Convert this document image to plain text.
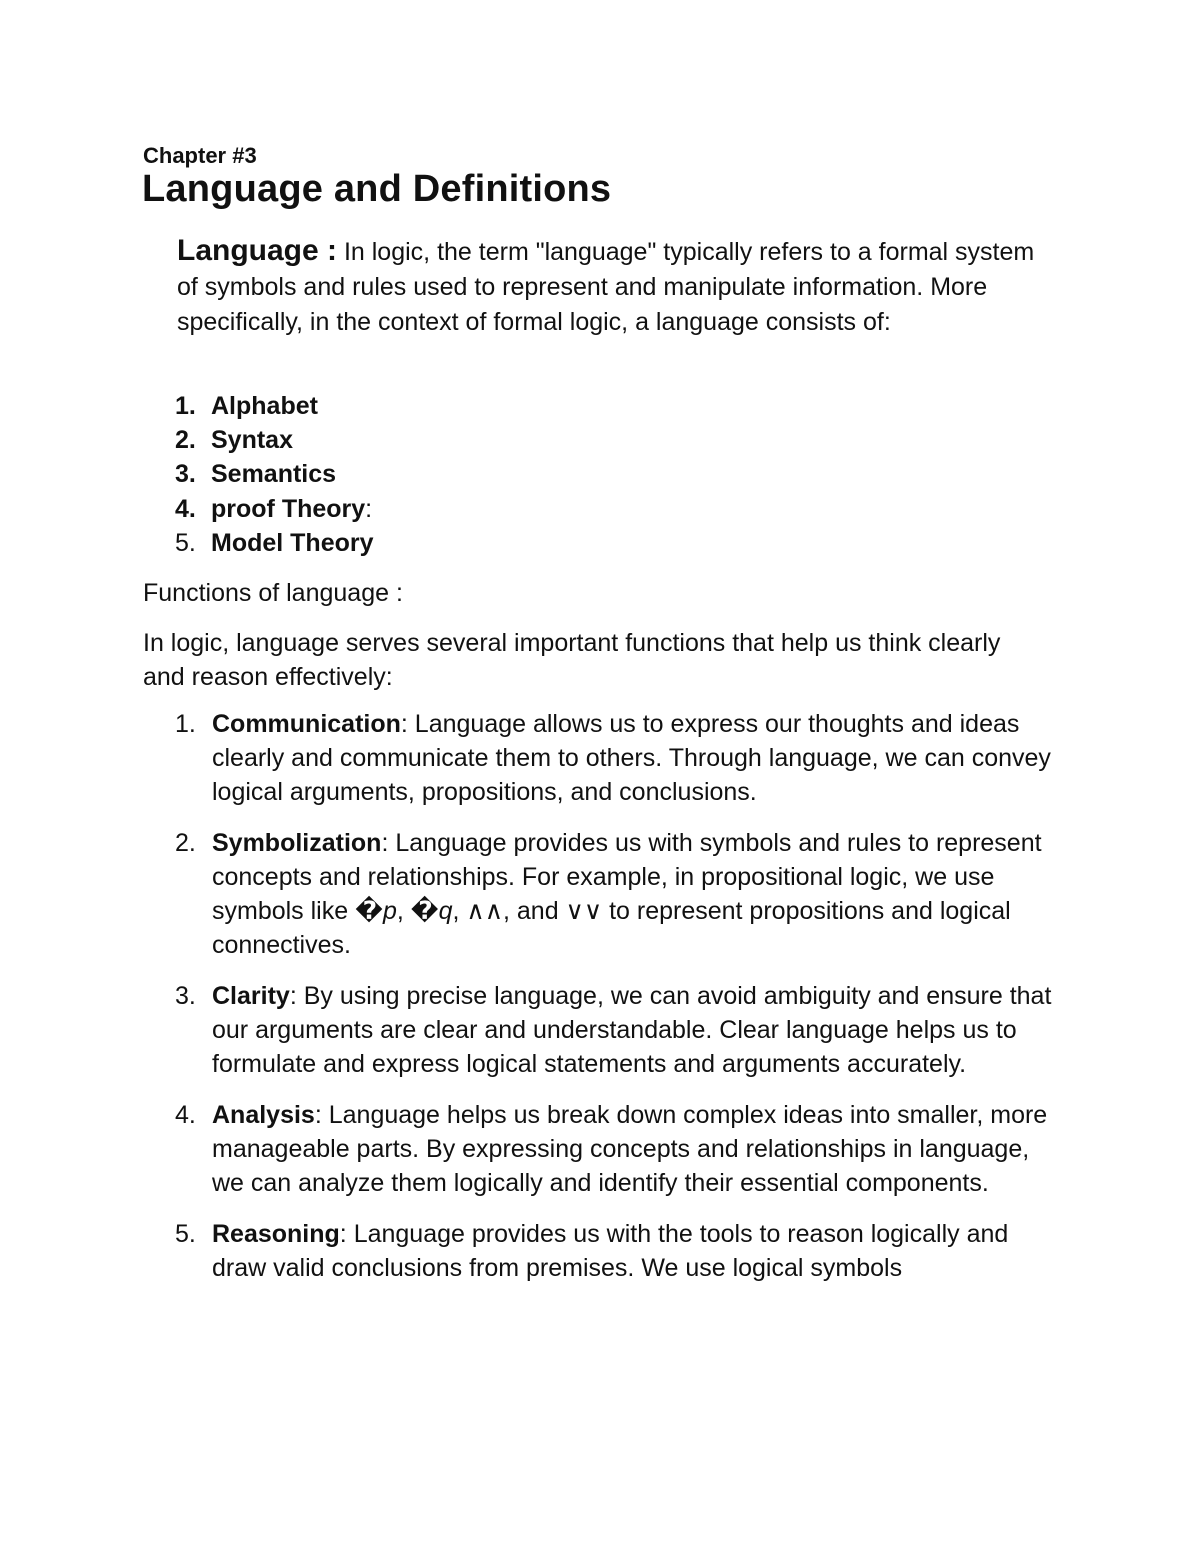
Chapter #3
Language and Definitions

Language : In logic, the term "language" typically refers to a formal system of symbols and rules used to represent and manipulate information. More specifically, in the context of formal logic, a language consists of:

1. Alphabet
2. Syntax
3. Semantics
4. proof Theory:
5. Model Theory
Functions of language :
In logic, language serves several important functions that help us think clearly and reason effectively:
1. Communication: Language allows us to express our thoughts and ideas clearly and communicate them to others. Through language, we can convey logical arguments, propositions, and conclusions.
2. Symbolization: Language provides us with symbols and rules to represent concepts and relationships. For example, in propositional logic, we use symbols like �p, �q, ∧∧, and ∨∨ to represent propositions and logical connectives.
3. Clarity: By using precise language, we can avoid ambiguity and ensure that our arguments are clear and understandable. Clear language helps us to formulate and express logical statements and arguments accurately.
4. Analysis: Language helps us break down complex ideas into smaller, more manageable parts. By expressing concepts and relationships in language, we can analyze them logically and identify their essential components.
5. Reasoning: Language provides us with the tools to reason logically and draw valid conclusions from premises. We use logical symbols
